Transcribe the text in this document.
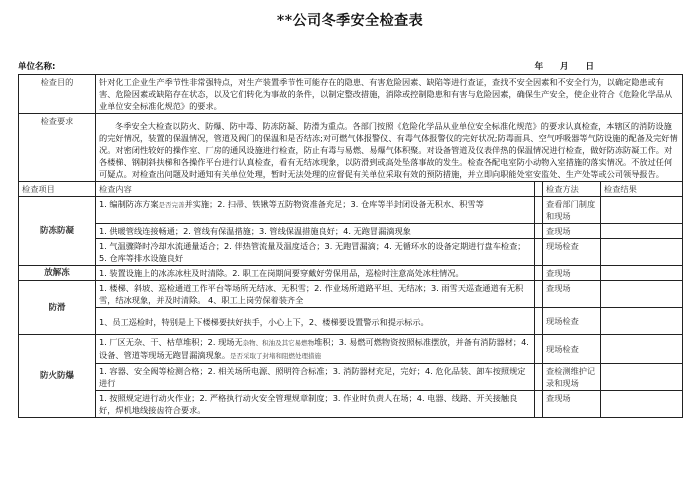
**公司冬季安全检查表
单位名称:	年 月 日
检查目的	针对化工企业生产季节性非常强特点，对生产装置季节性可能存在的隐患、有害危险因素、缺陷等进行查证，查找不安全因素和不安全行为，以确定隐患或有害、危险因素或缺陷存在状态，以及它们转化为事故的条件，以制定整改措施，消除或控制隐患和有害与危险因素，确保生产安全，使企业符合《危险化学品从业单位安全标准化规范》的要求。			
检查要求	冬季安全大检查以防火、防爆、防中毒、防冻防凝、防滑为重点。各部门按照《危险化学品从业单位安全标准化规范》的要求认真检查，本辖区的消防设施的完好情况，装置的保温情况，管道及阀门的保温和是否结冻;对可燃气体报警仪、有毒气体报警仪的完好状况;防毒面具、空气呼吸器等气防设施的配备及完好情况。对密闭性较好的操作室、厂房的通风设施进行检查，防止有毒与易燃、易爆气体积聚。对设备管道及仪表伴热的保温情况进行检查，做好防冻防凝工作。对各楼梯、钢制斜扶梯和各操作平台进行认真检查，看有无结冰现象，以防滑到或高处坠落事故的发生。检查各配电室防小动物入室措施的落实情况。不放过任何可疑点。对检查出问题及时通知有关单位处理，暂时无法处理的应督促有关单位采取有效的预防措施，并立即向职能处室安监处、生产处等或公司领导报告。			
检查项目	检查内容		检查方法	检查结果
防冻防凝	1. 编制防冻方案是否完善并实施；2. 扫帚、铁锹等五防物资准备充足；3. 仓库等半封闭设备无积水、积雪等		查看部门制度和现场	
	1. 供暖管线连接畅通；2. 管线有保温措施；3. 管线保温措施良好；4. 无跑冒漏滴现象		查现场	
	1. 气温骤降时冷却水流通量适合；2. 伴热管流量及温度适合；3. 无跑冒漏滴；4. 无循环水的设备定期进行盘车检查；5. 仓库等排水设施良好		现场检查	
放解冻	1. 装置设施上的冰冻冰柱及时清除。2. 职工在岗期间要穿戴好劳保用品，巡检时注意高处冰柱情况。		查现场	
防滑	1. 楼梯、斜坡、巡检通道工作平台等场所无结冰、无积雪；2. 作业场所道路平坦、无结冰；3. 雨雪天巡查通道有无积雪，结冰现象，并及时清除。 4、职工上岗劳保着装齐全		查现场	
	1、员工巡检时，特别是上下楼梯要扶好扶手，小心上下，2、楼梯要设置警示和提示标示。		现场检查	
防火防爆	1. 厂区无杂、干、枯草堆积；2. 现场无杂物、积油及其它易燃物堆积；3. 易燃可燃物资按照标准摆放，并备有消防器材；4. 设备、管道等现场无跑冒漏滴现象。是否采取了封堵和阻燃处理措施		现场检查	
	1. 容器、安全阀等检测合格；2. 相关场所电源、照明符合标准；3. 消防器材充足，完好；4. 危化品装、卸车按照规定进行		查检测维护记录和现场	
	1. 按照规定进行动火作业；2. 严格执行动火安全管理规章制度；3. 作业时负责人在场；4. 电器、线路、开关接触良好，焊机地线接齿符合要求。		查现场	
